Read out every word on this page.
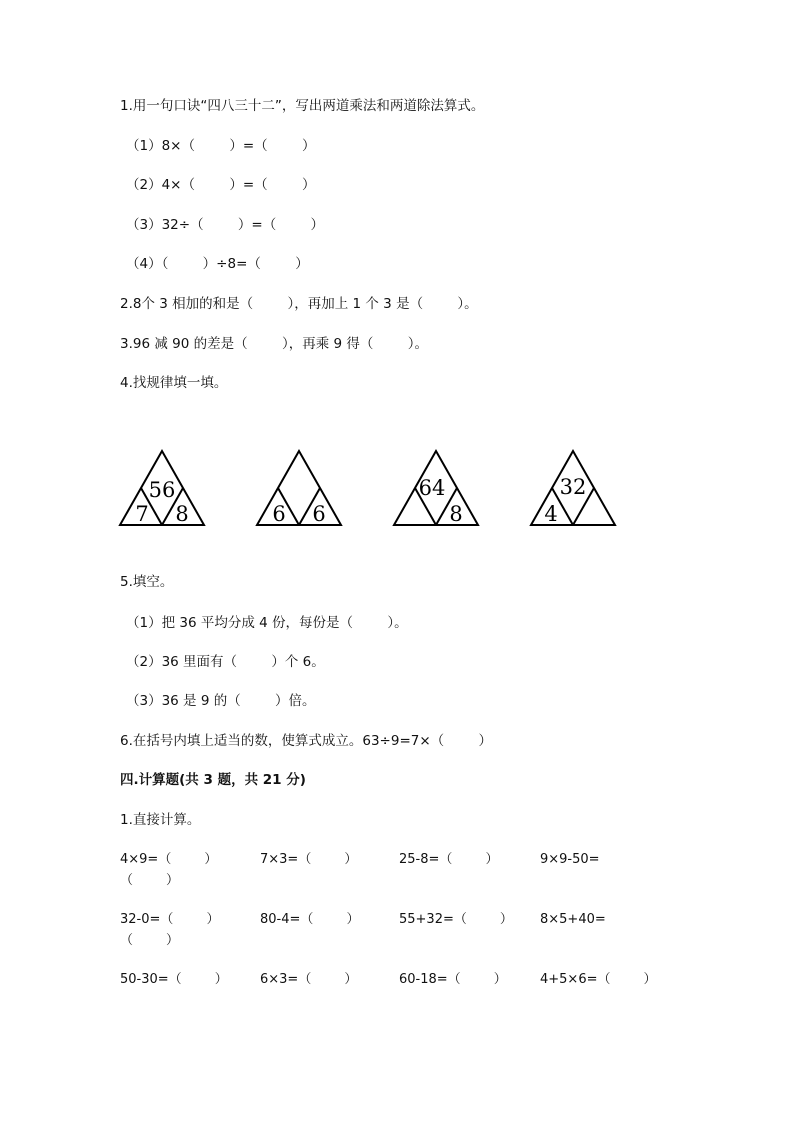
1.用一句口诀“四八三十二”，写出两道乘法和两道除法算式。
（1）8×（        ）=（        ）
（2）4×（        ）=（        ）
（3）32÷（        ）=（        ）
（4）（        ）÷8=（        ）
2.8个 3 相加的和是（        ），再加上 1 个 3 是（        ）。
3.96 减 90 的差是（        ），再乘 9 得（        ）。
4.找规律填一填。
56
7 8	6 6
64
8
32
4
5.填空。
（1）把 36 平均分成 4 份，每份是（        ）。
（2）36 里面有（        ）个 6。
（3）36 是 9 的（        ）倍。
6.在括号内填上适当的数，使算式成立。63÷9=7×（        ）
四.计算题(共 3 题，共 21 分)
1.直接计算。
4×9=（        ）	7×3=（        ）	25-8=（        ）	9×9-50=
（        ）
32-0=（        ）	80-4=（        ）	55+32=（        ） 8×5+40=
（        ）
50-30=（        ） 6×3=（        ）	60-18=（        ）	4+5×6=（        ）
